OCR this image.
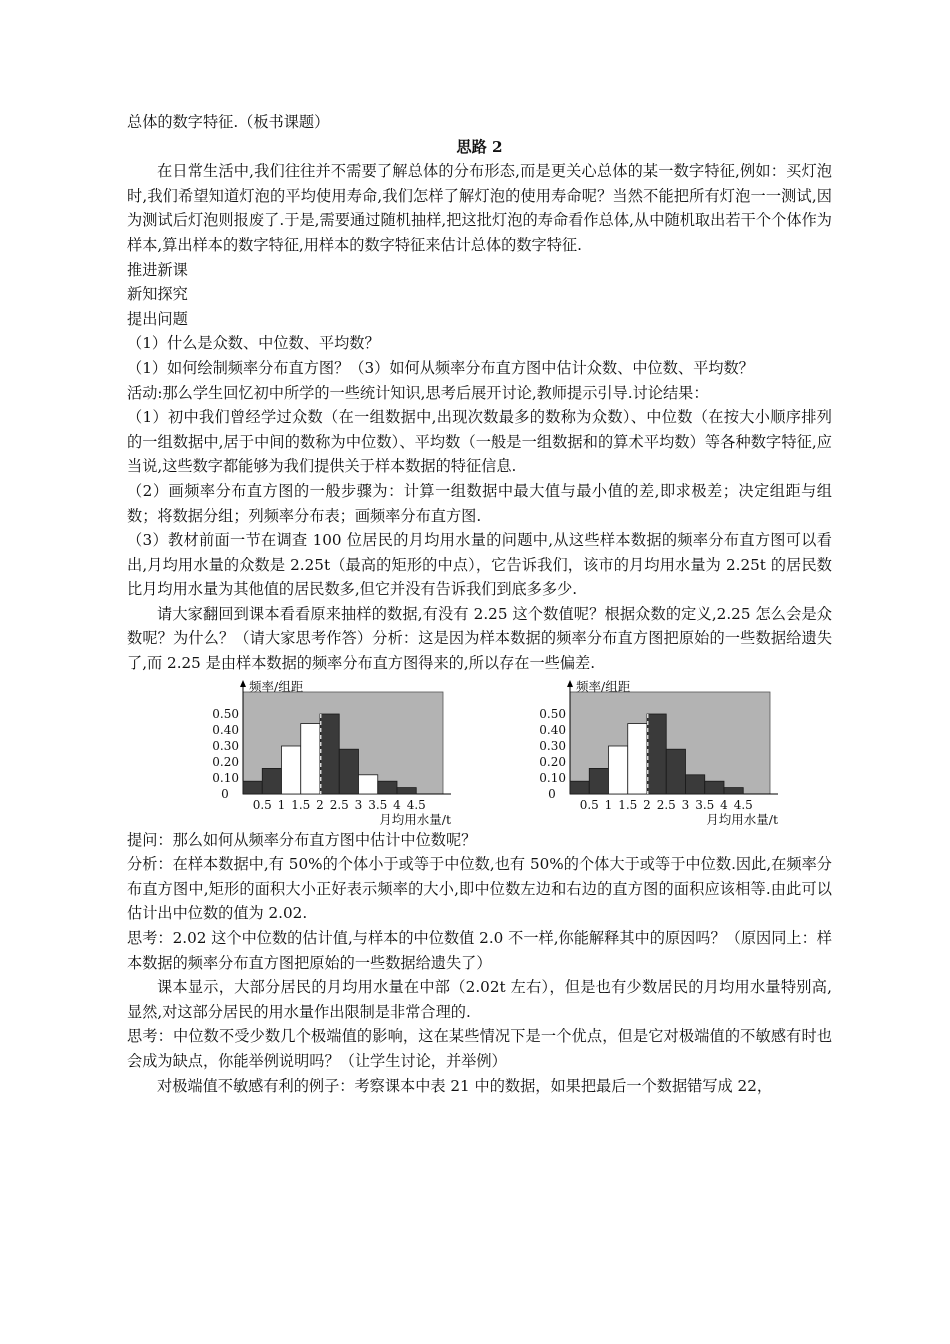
总体的数字特征.（板书课题）

思路 2

在日常生活中,我们往往并不需要了解总体的分布形态,而是更关心总体的某一数字特征,例如：买灯泡时,我们希望知道灯泡的平均使用寿命,我们怎样了解灯泡的使用寿命呢？当然不能把所有灯泡一一测试,因为测试后灯泡则报废了.于是,需要通过随机抽样,把这批灯泡的寿命看作总体,从中随机取出若干个个体作为样本,算出样本的数字特征,用样本的数字特征来估计总体的数字特征.

推进新课

新知探究

提出问题

（1）什么是众数、中位数、平均数？

（1）如何绘制频率分布直方图？（3）如何从频率分布直方图中估计众数、中位数、平均数？

活动:那么学生回忆初中所学的一些统计知识,思考后展开讨论,教师提示引导.讨论结果：

（1）初中我们曾经学过众数（在一组数据中,出现次数最多的数称为众数）、中位数（在按大小顺序排列的一组数据中,居于中间的数称为中位数）、平均数（一般是一组数据和的算术平均数）等各种数字特征,应当说,这些数字都能够为我们提供关于样本数据的特征信息.

（2）画频率分布直方图的一般步骤为：计算一组数据中最大值与最小值的差,即求极差；决定组距与组数；将数据分组；列频率分布表；画频率分布直方图.

（3）教材前面一节在调查 100 位居民的月均用水量的问题中,从这些样本数据的频率分布直方图可以看出,月均用水量的众数是 2.25t（最高的矩形的中点），它告诉我们，该市的月均用水量为 2.25t 的居民数比月均用水量为其他值的居民数多,但它并没有告诉我们到底多多少.

请大家翻回到课本看看原来抽样的数据,有没有 2.25 这个数值呢？根据众数的定义,2.25 怎么会是众数呢？为什么？（请大家思考作答）分析：这是因为样本数据的频率分布直方图把原始的一些数据给遗失了,而 2.25 是由样本数据的频率分布直方图得来的,所以存在一些偏差.

0.10
0.20
0.30
0.40
0.50
0
0.5 1 1.5 2 2.5 3 3.5 4 4.5
频率/组距
月均用水量/t
0.10
0.20
0.30
0.40
0.50
0
0.5 1 1.5 2 2.5 3 3.5 4 4.5
频率/组距
月均用水量/t

提问：那么如何从频率分布直方图中估计中位数呢？

分析：在样本数据中,有 50%的个体小于或等于中位数,也有 50%的个体大于或等于中位数.因此,在频率分布直方图中,矩形的面积大小正好表示频率的大小,即中位数左边和右边的直方图的面积应该相等.由此可以估计出中位数的值为 2.02.

思考：2.02 这个中位数的估计值,与样本的中位数值 2.0 不一样,你能解释其中的原因吗？（原因同上：样本数据的频率分布直方图把原始的一些数据给遗失了）

课本显示，大部分居民的月均用水量在中部（2.02t 左右），但是也有少数居民的月均用水量特别高,显然,对这部分居民的用水量作出限制是非常合理的.

思考：中位数不受少数几个极端值的影响，这在某些情况下是一个优点，但是它对极端值的不敏感有时也会成为缺点，你能举例说明吗？（让学生讨论，并举例）

对极端值不敏感有利的例子：考察课本中表 21 中的数据，如果把最后一个数据错写成 22，
